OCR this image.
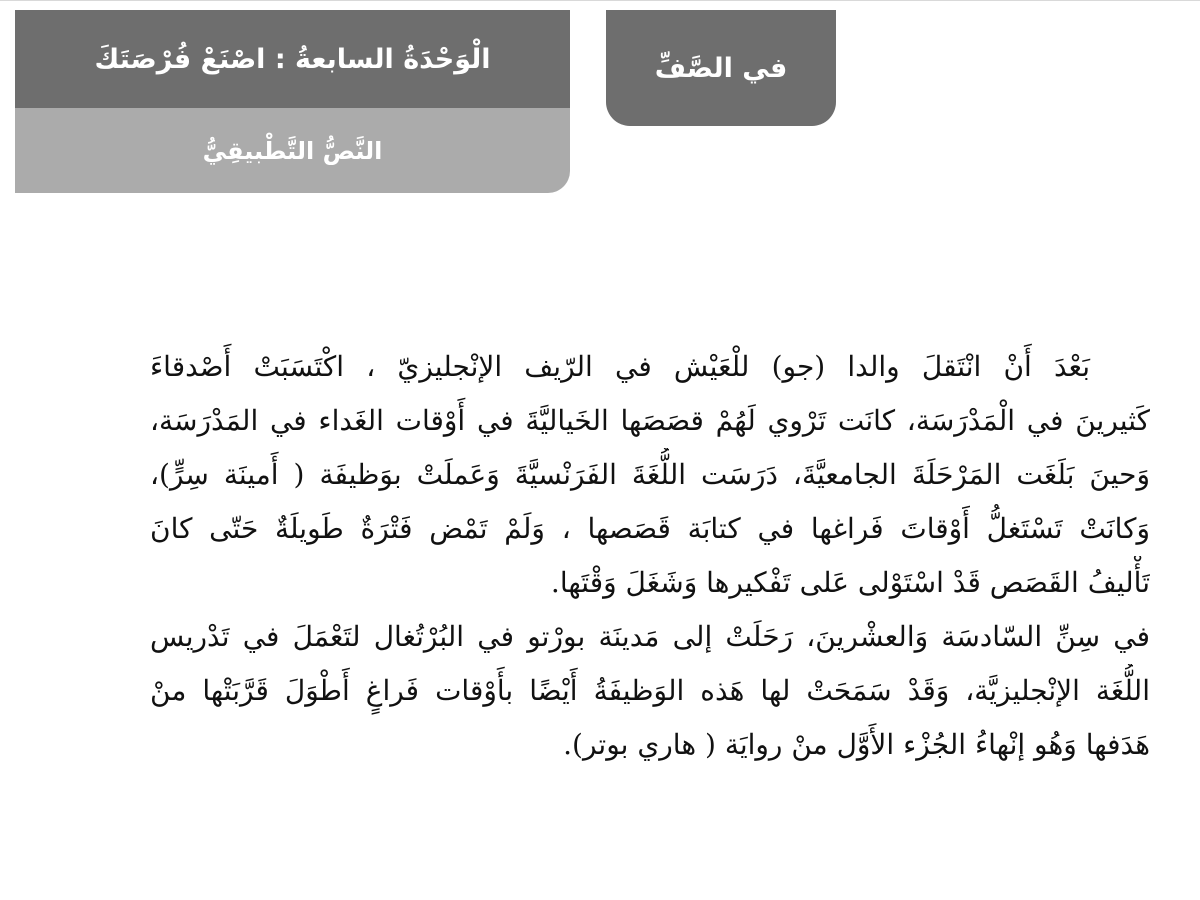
الْوَحْدَةُ السابعةُ : اصْنَعْ فُرْصَتَكَ
النَّصُّ التَّطْبيقِيُّ
في الصَّفِّ
بَعْدَ أَنْ انْتَقلَ والدا (جو) للْعَيْش في الرّيف الإنْجليزيّ ، اكْتَسَبَتْ أَصْدقاءَ
كَثيرينَ في الْمَدْرَسَة، كانَت تَرْوي لَهُمْ قصَصَها الخَياليَّةَ في أَوْقات الغَداء في المَدْرَسَة،
وَحينَ بَلَغَت المَرْحَلَةَ الجامعيَّةَ، دَرَسَت اللُّغَةَ الفَرَنْسيَّةَ وَعَملَتْ بوَظيفَة ( أَمينَة سِرٍّ)،
وَكانَتْ تَسْتَغلُّ أَوْقاتَ فَراغها في كتابَة قَصَصها ، وَلَمْ تَمْض فَتْرَةٌ طَويلَةٌ حَتّى كانَ
تَأْليفُ القَصَص قَدْ اسْتَوْلى عَلى تَفْكيرها وَشَغَلَ وَقْتَها.
في سِنِّ السّادسَة وَالعشْرينَ، رَحَلَتْ إلى مَدينَة بورْتو في البُرْتُغال لتَعْمَلَ في تَدْريس
اللُّغَة الإنْجليزيَّة، وَقَدْ سَمَحَتْ لها هَذه الوَظيفَةُ أَيْضًا بأَوْقات فَراغٍ أَطْوَلَ قَرَّبَتْها منْ
هَدَفها وَهُو إنْهاءُ الجُزْء الأَوَّل منْ روايَة ( هاري بوتر).
